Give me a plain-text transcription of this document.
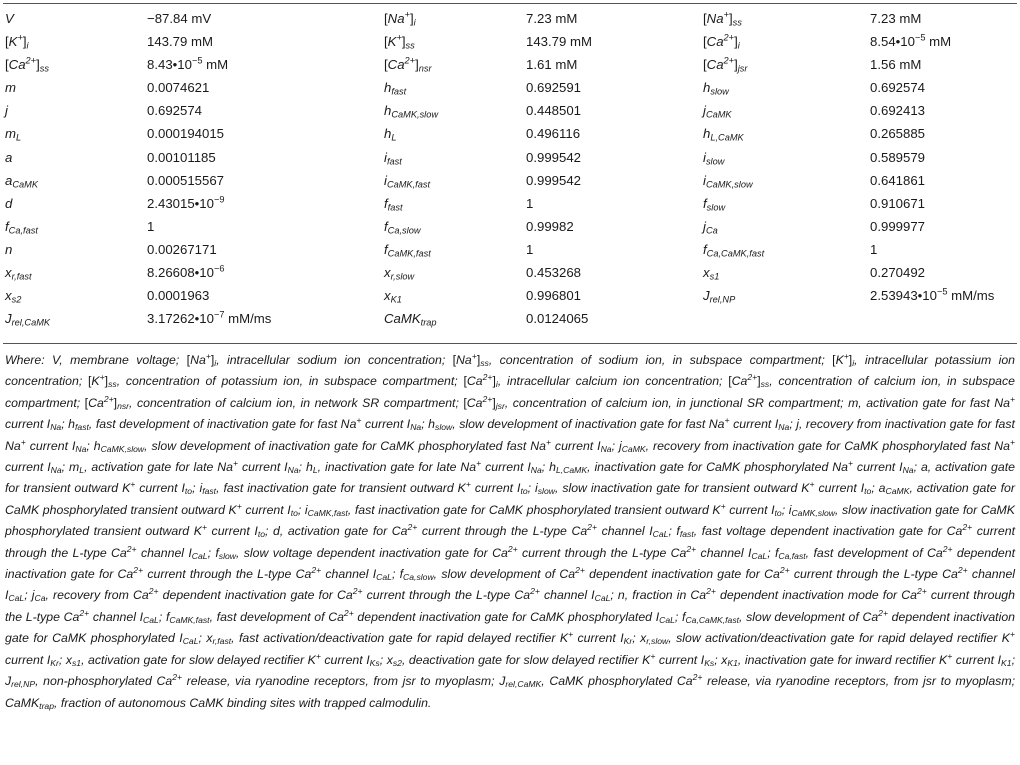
V	−87.84 mV	$[Na^+]_i$	7.23 mM	$[Na^+]_{ss}$	7.23 mM
$[K^+]_i$	143.79 mM	$[K^+]_{ss}$	143.79 mM	$[Ca^{2+}]_i$	$8.54•10^{-5}$ mM
$[Ca^{2+}]_{ss}$	$8.43•10^{-5}$ mM	$[Ca^{2+}]_{nsr}$	1.61 mM	$[Ca^{2+}]_{jsr}$	1.56 mM
m	0.0074621	$h_{fast}$	0.692591	$h_{slow}$	0.692574
j	0.692574	$h_{CaMK,slow}$	0.448501	$j_{CaMK}$	0.692413
$m_L$	0.000194015	$h_L$	0.496116	$h_{L,CaMK}$	0.265885
a	0.00101185	$i_{fast}$	0.999542	$i_{slow}$	0.589579
$a_{CaMK}$	0.000515567	$i_{CaMK,fast}$	0.999542	$i_{CaMK,slow}$	0.641861
d	$2.43015•10^{-9}$	$f_{fast}$	1	$f_{slow}$	0.910671
$f_{Ca,fast}$	1	$f_{Ca,slow}$	0.99982	$j_{Ca}$	0.999977
n	0.00267171	$f_{CaMK,fast}$	1	$f_{Ca,CaMK,fast}$	1
$x_{r,fast}$	$8.26608•10^{-6}$	$x_{r,slow}$	0.453268	$x_{s1}$	0.270492
$x_{s2}$	0.0001963	$x_{K1}$	0.996801	$J_{rel,NP}$	$2.53943•10^{-5}$ mM/ms
$J_{rel,CaMK}$	$3.17262•10^{-7}$ mM/ms	CaMK$_{trap}$	0.0124065		
Where: V, membrane voltage; $[Na^+]_i$, intracellular sodium ion concentration; $[Na^+]_{ss}$, concentration of sodium ion, in subspace compartment; $[K^+]_i$, intracellular potassium ion concentration; $[K^+]_{ss}$, concentration of potassium ion, in subspace compartment; $[Ca^{2+}]_i$, intracellular calcium ion concentration; $[Ca^{2+}]_{ss}$, concentration of calcium ion, in subspace compartment; $[Ca^{2+}]_{nsr}$, concentration of calcium ion, in network SR compartment; $[Ca^{2+}]_{jsr}$, concentration of calcium ion, in junctional SR compartment; m, activation gate for fast Na+ current $I_{Na}$; $h_{fast}$, fast development of inactivation gate for fast Na+ current $I_{Na}$; $h_{slow}$, slow development of inactivation gate for fast Na+ current $I_{Na}$; j, recovery from inactivation gate for fast Na+ current $I_{Na}$; $h_{CaMK,slow}$, slow development of inactivation gate for CaMK phosphorylated fast Na+ current $I_{Na}$; $j_{CaMK}$, recovery from inactivation gate for CaMK phosphorylated fast Na+ current $I_{Na}$; $m_L$, activation gate for late Na+ current $I_{Na}$; $h_L$, inactivation gate for late Na+ current $I_{Na}$; $h_{L,CaMK}$, inactivation gate for CaMK phosphorylated Na+ current $I_{Na}$; a, activation gate for transient outward K+ current $I_{to}$; $i_{fast}$, fast inactivation gate for transient outward K+ current $I_{to}$; $i_{slow}$, slow inactivation gate for transient outward K+ current $I_{to}$; $a_{CaMK}$, activation gate for CaMK phosphorylated transient outward K+ current $I_{to}$; $i_{CaMK,fast}$, fast inactivation gate for CaMK phosphorylated transient outward K+ current $I_{to}$; $i_{CaMK,slow}$, slow inactivation gate for CaMK phosphorylated transient outward K+ current $I_{to}$; d, activation gate for $Ca^{2+}$ current through the L-type $Ca^{2+}$ channel $I_{CaL}$; $f_{fast}$, fast voltage dependent inactivation gate for $Ca^{2+}$ current through the L-type $Ca^{2+}$ channel $I_{CaL}$; $f_{slow}$, slow voltage dependent inactivation gate for $Ca^{2+}$ current through the L-type $Ca^{2+}$ channel $I_{CaL}$; $f_{Ca,fast}$, fast development of $Ca^{2+}$ dependent inactivation gate for $Ca^{2+}$ current through the L-type $Ca^{2+}$ channel $I_{CaL}$; $f_{Ca,slow}$, slow development of $Ca^{2+}$ dependent inactivation gate for $Ca^{2+}$ current through the L-type $Ca^{2+}$ channel $I_{CaL}$; $j_{Ca}$, recovery from $Ca^{2+}$ dependent inactivation gate for $Ca^{2+}$ current through the L-type $Ca^{2+}$ channel $I_{CaL}$; n, fraction in $Ca^{2+}$ dependent inactivation mode for $Ca^{2+}$ current through the L-type $Ca^{2+}$ channel $I_{CaL}$; $f_{CaMK,fast}$, fast development of $Ca^{2+}$ dependent inactivation gate for CaMK phosphorylated $I_{CaL}$; $f_{Ca,CaMK,fast}$, slow development of $Ca^{2+}$ dependent inactivation gate for CaMK phosphorylated $I_{CaL}$; $x_{r,fast}$, fast activation/deactivation gate for rapid delayed rectifier K+ current $I_{Kr}$; $x_{r,slow}$, slow activation/deactivation gate for rapid delayed rectifier K+ current $I_{Kr}$; $x_{s1}$, activation gate for slow delayed rectifier K+ current $I_{Ks}$; $x_{s2}$, deactivation gate for slow delayed rectifier K+ current $I_{Ks}$; $x_{K1}$, inactivation gate for inward rectifier K+ current $I_{K1}$; $J_{rel,NP}$, non-phosphorylated $Ca^{2+}$ release, via ryanodine receptors, from jsr to myoplasm; $J_{rel,CaMK}$, CaMK phosphorylated $Ca^{2+}$ release, via ryanodine receptors, from jsr to myoplasm; CaMK$_{trap}$, fraction of autonomous CaMK binding sites with trapped calmodulin.
